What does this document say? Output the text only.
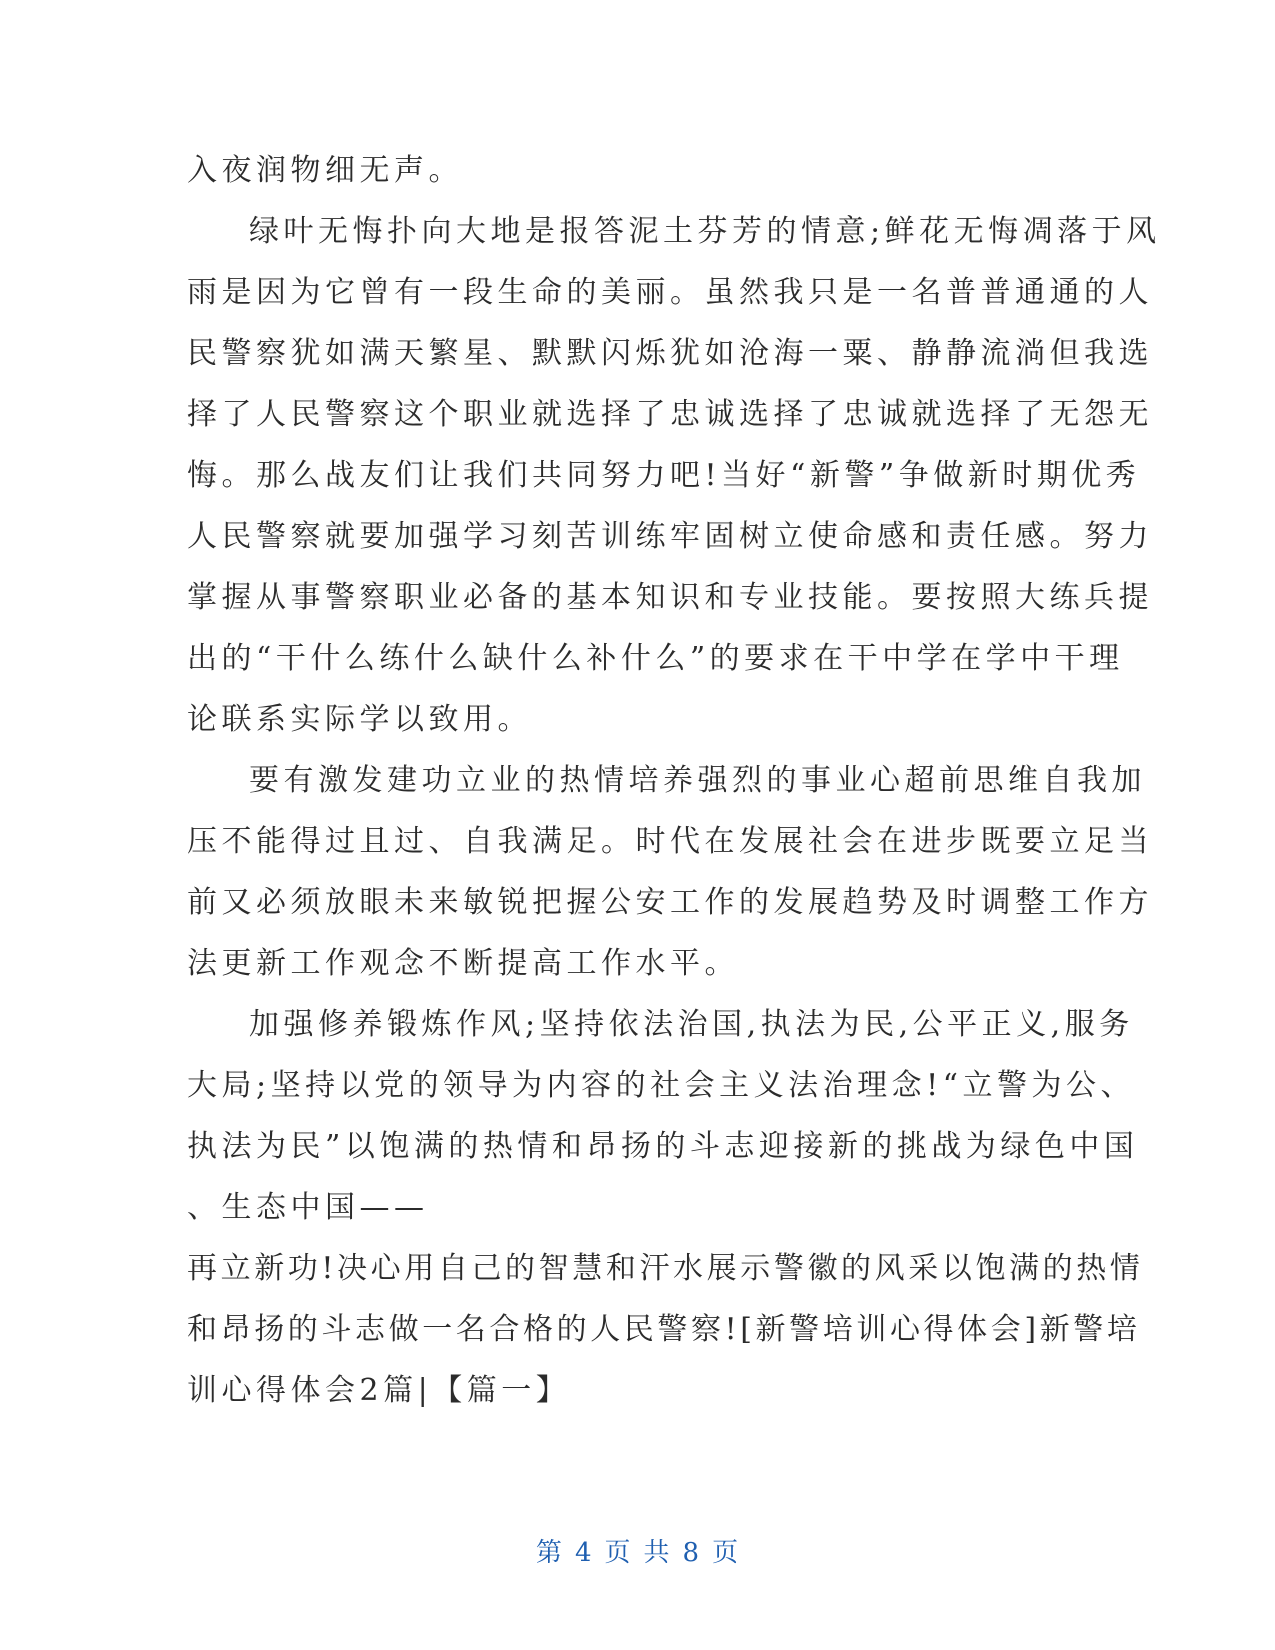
入夜润物细无声。
绿叶无悔扑向大地是报答泥土芬芳的情意;鲜花无悔凋落于风
雨是因为它曾有一段生命的美丽。虽然我只是一名普普通通的人
民警察犹如满天繁星、默默闪烁犹如沧海一粟、静静流淌但我选
择了人民警察这个职业就选择了忠诚选择了忠诚就选择了无怨无
悔。那么战友们让我们共同努力吧!当好“新警”争做新时期优秀
人民警察就要加强学习刻苦训练牢固树立使命感和责任感。努力
掌握从事警察职业必备的基本知识和专业技能。要按照大练兵提
出的“干什么练什么缺什么补什么”的要求在干中学在学中干理
论联系实际学以致用。
要有激发建功立业的热情培养强烈的事业心超前思维自我加
压不能得过且过、自我满足。时代在发展社会在进步既要立足当
前又必须放眼未来敏锐把握公安工作的发展趋势及时调整工作方
法更新工作观念不断提高工作水平。
加强修养锻炼作风;坚持依法治国,执法为民,公平正义,服务
大局;坚持以党的领导为内容的社会主义法治理念!“立警为公、
执法为民”以饱满的热情和昂扬的斗志迎接新的挑战为绿色中国
、生态中国——
再立新功!决心用自己的智慧和汗水展示警徽的风采以饱满的热情
和昂扬的斗志做一名合格的人民警察![新警培训心得体会]新警培
训心得体会2篇|【篇一】
第 4 页 共 8 页
